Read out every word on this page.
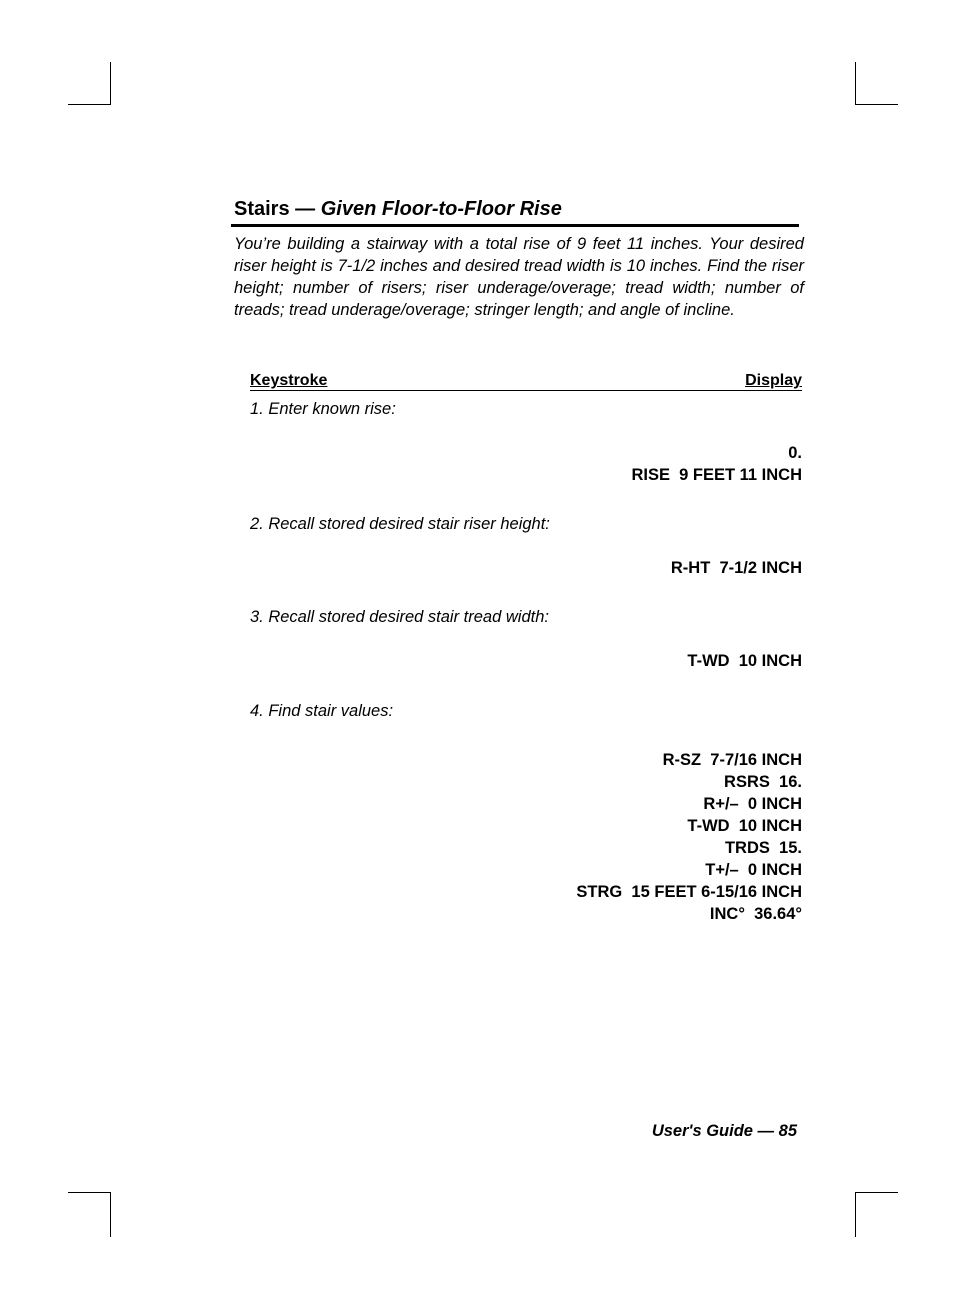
Stairs — Given Floor-to-Floor Rise
You’re building a stairway with a total rise of 9 feet 11 inches. Your desired riser height is 7-1/2 inches and desired tread width is 10 inches. Find the riser height; number of risers; riser underage/overage; tread width; number of treads; tread underage/overage; stringer length; and angle of incline.
Keystroke	Display
1. Enter known rise:
0.
RISE  9 FEET 11 INCH
2. Recall stored desired stair riser height:
R-HT  7-1/2 INCH
3. Recall stored desired stair tread width:
T-WD  10 INCH
4. Find stair values:
R-SZ  7-7/16 INCH
RSRS  16.
R+/–  0 INCH
T-WD  10 INCH
TRDS  15.
T+/–  0 INCH
STRG  15 FEET 6-15/16 INCH
INC°  36.64°
User's Guide — 85
